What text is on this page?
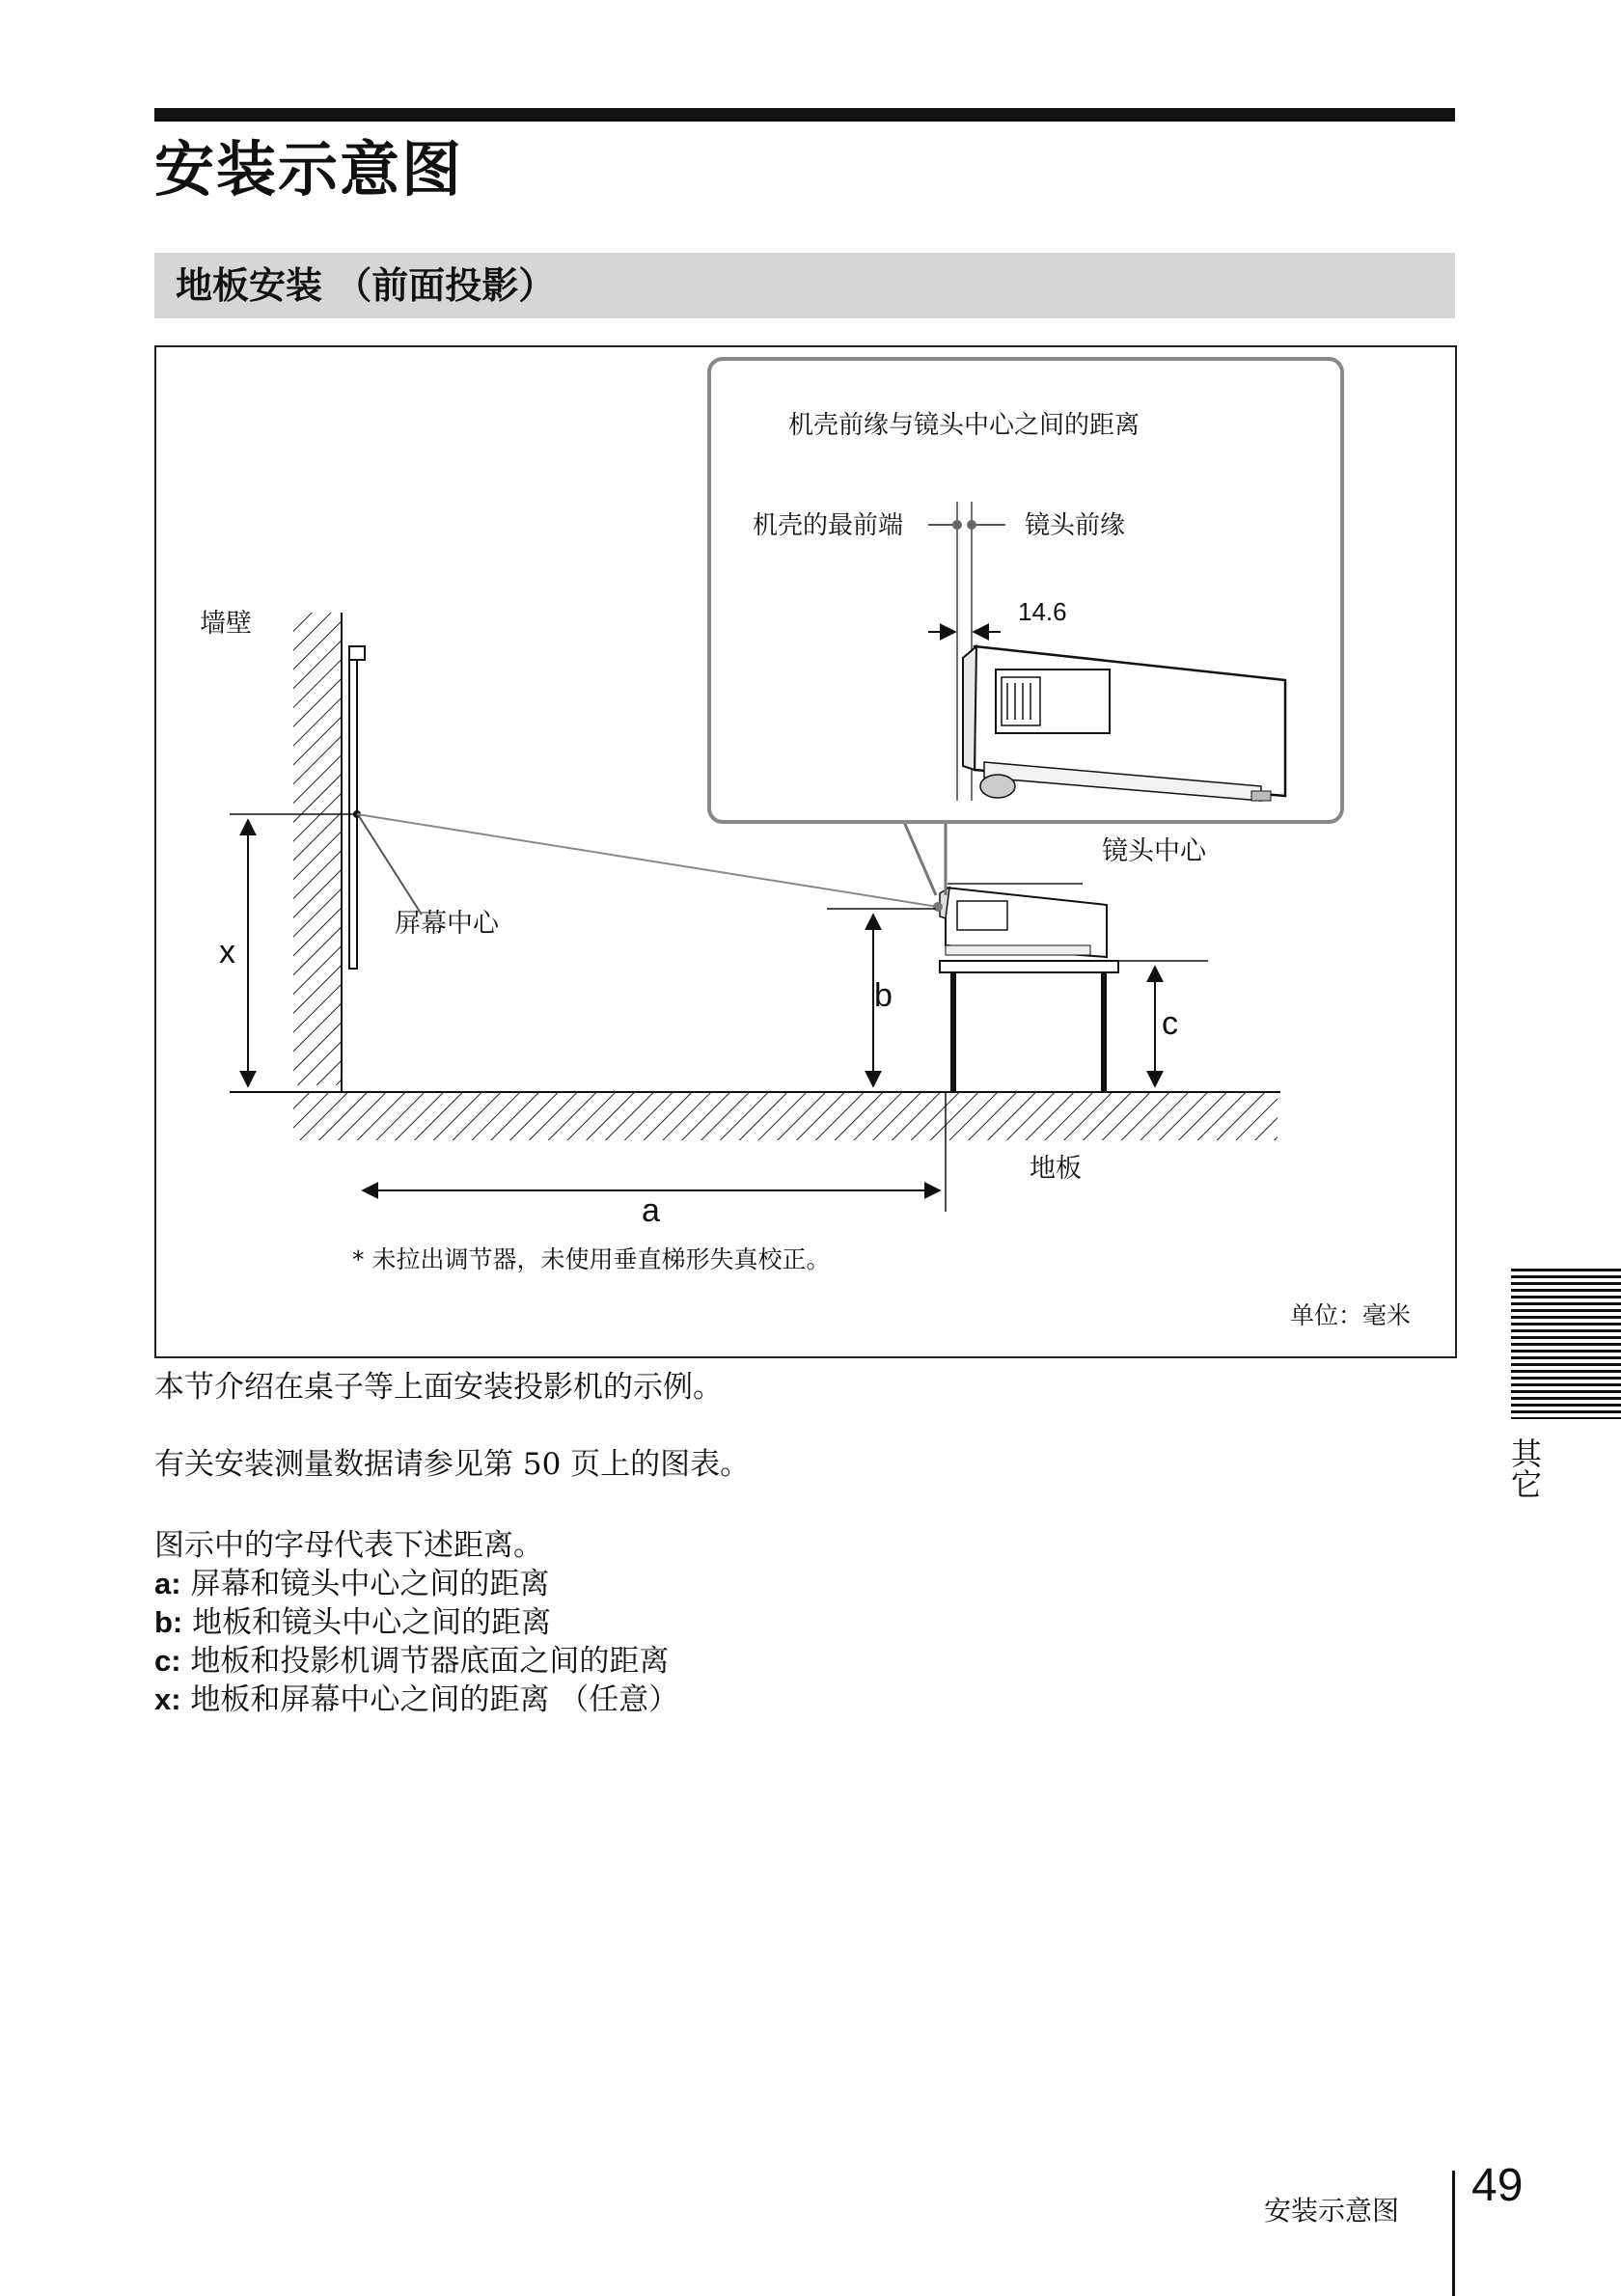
安装示意图
地板安装 （前面投影）
墙壁
屏幕中心
地板
x
镜头中心
b
c
a
* 未拉出调节器，未使用垂直梯形失真校正。
单位：毫米
机壳前缘与镜头中心之间的距离
机壳的最前端	镜头前缘
14.6
本节介绍在桌子等上面安装投影机的示例。
有关安装测量数据请参见第 50 页上的图表。
图示中的字母代表下述距离。
a: 屏幕和镜头中心之间的距离
b: 地板和镜头中心之间的距离
c: 地板和投影机调节器底面之间的距离
x: 地板和屏幕中心之间的距离 （任意）
其它
安装示意图 49
